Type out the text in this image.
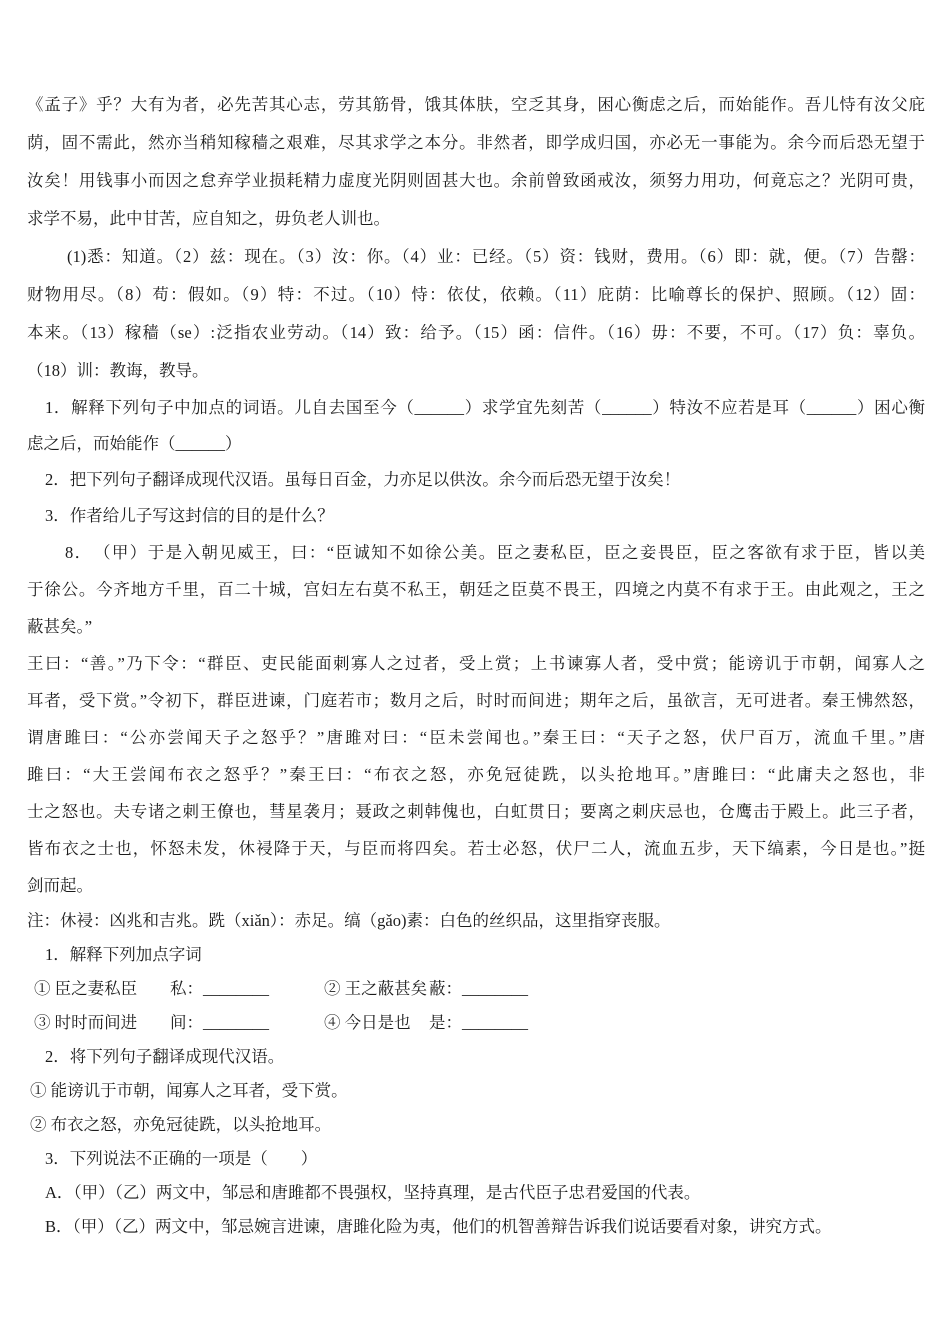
《孟子》乎？大有为者，必先苦其心志，劳其筋骨，饿其体肤，空乏其身，困心衡虑之后，而始能作。吾儿恃有汝父庇
荫，固不需此，然亦当稍知稼穑之艰难，尽其求学之本分。非然者，即学成归国，亦必无一事能为。余今而后恐无望于
汝矣！用钱事小而因之怠弃学业损耗精力虚度光阴则固甚大也。余前曾致函戒汝，须努力用功，何竟忘之？光阴可贵，
求学不易，此中甘苦，应自知之，毋负老人训也。
(1)悉：知道。（2）兹：现在。（3）汝：你。（4）业：已经。（5）资：钱财，费用。（6）即：就，便。（7）告罄：
财物用尽。（8）苟：假如。（9）特：不过。（10）恃：依仗，依赖。（11）庇荫：比喻尊长的保护、照顾。（12）固：
本来。（13）稼穑（se）:泛指农业劳动。（14）致：给予。（15）函：信件。（16）毋：不要，不可。（17）负：辜负。
（18）训：教诲，教导。
1．解释下列句子中加点的词语。儿自去国至今（______）求学宜先刻苦（______）特汝不应若是耳（______）困心衡
虑之后，而始能作（______）
2．把下列句子翻译成现代汉语。虽每日百金，力亦足以供汝。余今而后恐无望于汝矣！
3．作者给儿子写这封信的目的是什么？
8．　（甲）于是入朝见威王，曰：“臣诚知不如徐公美。臣之妻私臣，臣之妾畏臣，臣之客欲有求于臣，皆以美
于徐公。今齐地方千里，百二十城，宫妇左右莫不私王，朝廷之臣莫不畏王，四境之内莫不有求于王。由此观之，王之
蔽甚矣。”
王曰：“善。”乃下令：“群臣、吏民能面刺寡人之过者，受上赏；上书谏寡人者，受中赏；能谤讥于市朝，闻寡人之
耳者，受下赏。”令初下，群臣进谏，门庭若市；数月之后，时时而间进；期年之后，虽欲言，无可进者。秦王怫然怒，
谓唐雎曰：“公亦尝闻天子之怒乎？”唐雎对曰：“臣未尝闻也。”秦王曰：“天子之怒，伏尸百万，流血千里。”唐
雎曰：“大王尝闻布衣之怒乎？”秦王曰：“布衣之怒，亦免冠徒跣，以头抢地耳。”唐雎曰：“此庸夫之怒也，非
士之怒也。夫专诸之刺王僚也，彗星袭月；聂政之刺韩傀也，白虹贯日；要离之刺庆忌也，仓鹰击于殿上。此三子者，
皆布衣之士也，怀怒未发，休祲降于天，与臣而将四矣。若士必怒，伏尸二人，流血五步，天下缟素，今日是也。”挺
剑而起。
注：休祲：凶兆和吉兆。跣（xiǎn）：赤足。缟（gǎo)素：白色的丝织品，这里指穿丧服。
1．解释下列加点字词
① 臣之妻私臣 私：________	② 王之蔽甚矣 蔽：________
③ 时时而间进 间：________	④ 今日是也 是：________
2．将下列句子翻译成现代汉语。
① 能谤讥于市朝，闻寡人之耳者，受下赏。
② 布衣之怒，亦免冠徒跣，以头抢地耳。
3．下列说法不正确的一项是（　　）
A．（甲）（乙）两文中，邹忌和唐雎都不畏强权，坚持真理，是古代臣子忠君爱国的代表。
B．（甲）（乙）两文中，邹忌婉言进谏，唐雎化险为夷，他们的机智善辩告诉我们说话要看对象，讲究方式。
